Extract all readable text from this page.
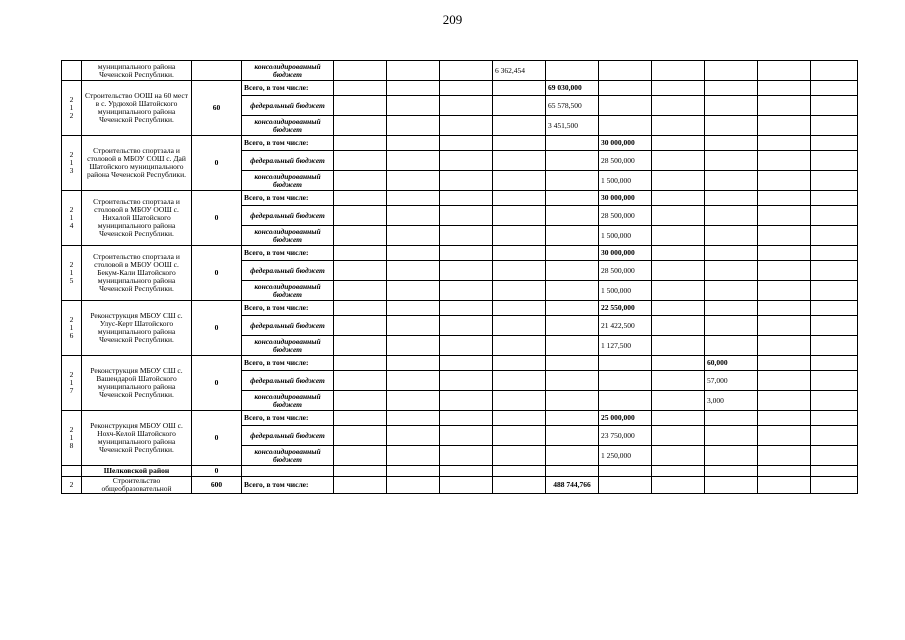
209
	муниципального района Чеченской Республики.		консолидированный бюджет				6 362,454						

2
1
2	Строительство ООШ на 60 мест в с. Урдюхой Шатойского муниципального района Чеченской Республики.	60	Всего, в том числе:					69 030,000					
			федеральный бюджет					65 578,500					
			консолидированный бюджет					3 451,500					

2
1
3	Строительство спортзала и столовой в МБОУ СОШ с. Дай Шатойского муниципального района Чеченской Республики.	0	Всего, в том числе:						30 000,000				
			федеральный бюджет						28 500,000				
			консолидированный бюджет						1 500,000				

2
1
4	Строительство спортзала и столовой в МБОУ ООШ с. Нихалой Шатойского муниципального района Чеченской Республики.	0	Всего, в том числе:						30 000,000				
			федеральный бюджет						28 500,000				
			консолидированный бюджет						1 500,000				

2
1
5	Строительство спортзала и столовой в МБОУ ООШ с. Бекум-Кали Шатойского муниципального района Чеченской Республики.	0	Всего, в том числе:						30 000,000				
			федеральный бюджет						28 500,000				
			консолидированный бюджет						1 500,000				

2
1
6	Реконструкция МБОУ СШ с. Улус-Керт Шатойского муниципального района Чеченской Республики.	0	Всего, в том числе:						22 550,000				
			федеральный бюджет						21 422,500				
			консолидированный бюджет						1 127,500				

2
1
7	Реконструкция МБОУ СШ с. Вашендарой Шатойского муниципального района Чеченской Республики.	0	Всего, в том числе:								60,000		
			федеральный бюджет								57,000		
			консолидированный бюджет								3,000		

2
1
8	Реконструкция МБОУ ОШ с. Нохч-Келой Шатойского муниципального района Чеченской Республики.	0	Всего, в том числе:						25 000,000				
			федеральный бюджет						23 750,000				
			консолидированный бюджет						1 250,000				
	Шелковской район	0											
2	Строительство общеобразовательной	600	Всего, в том числе:					488 744,766					
